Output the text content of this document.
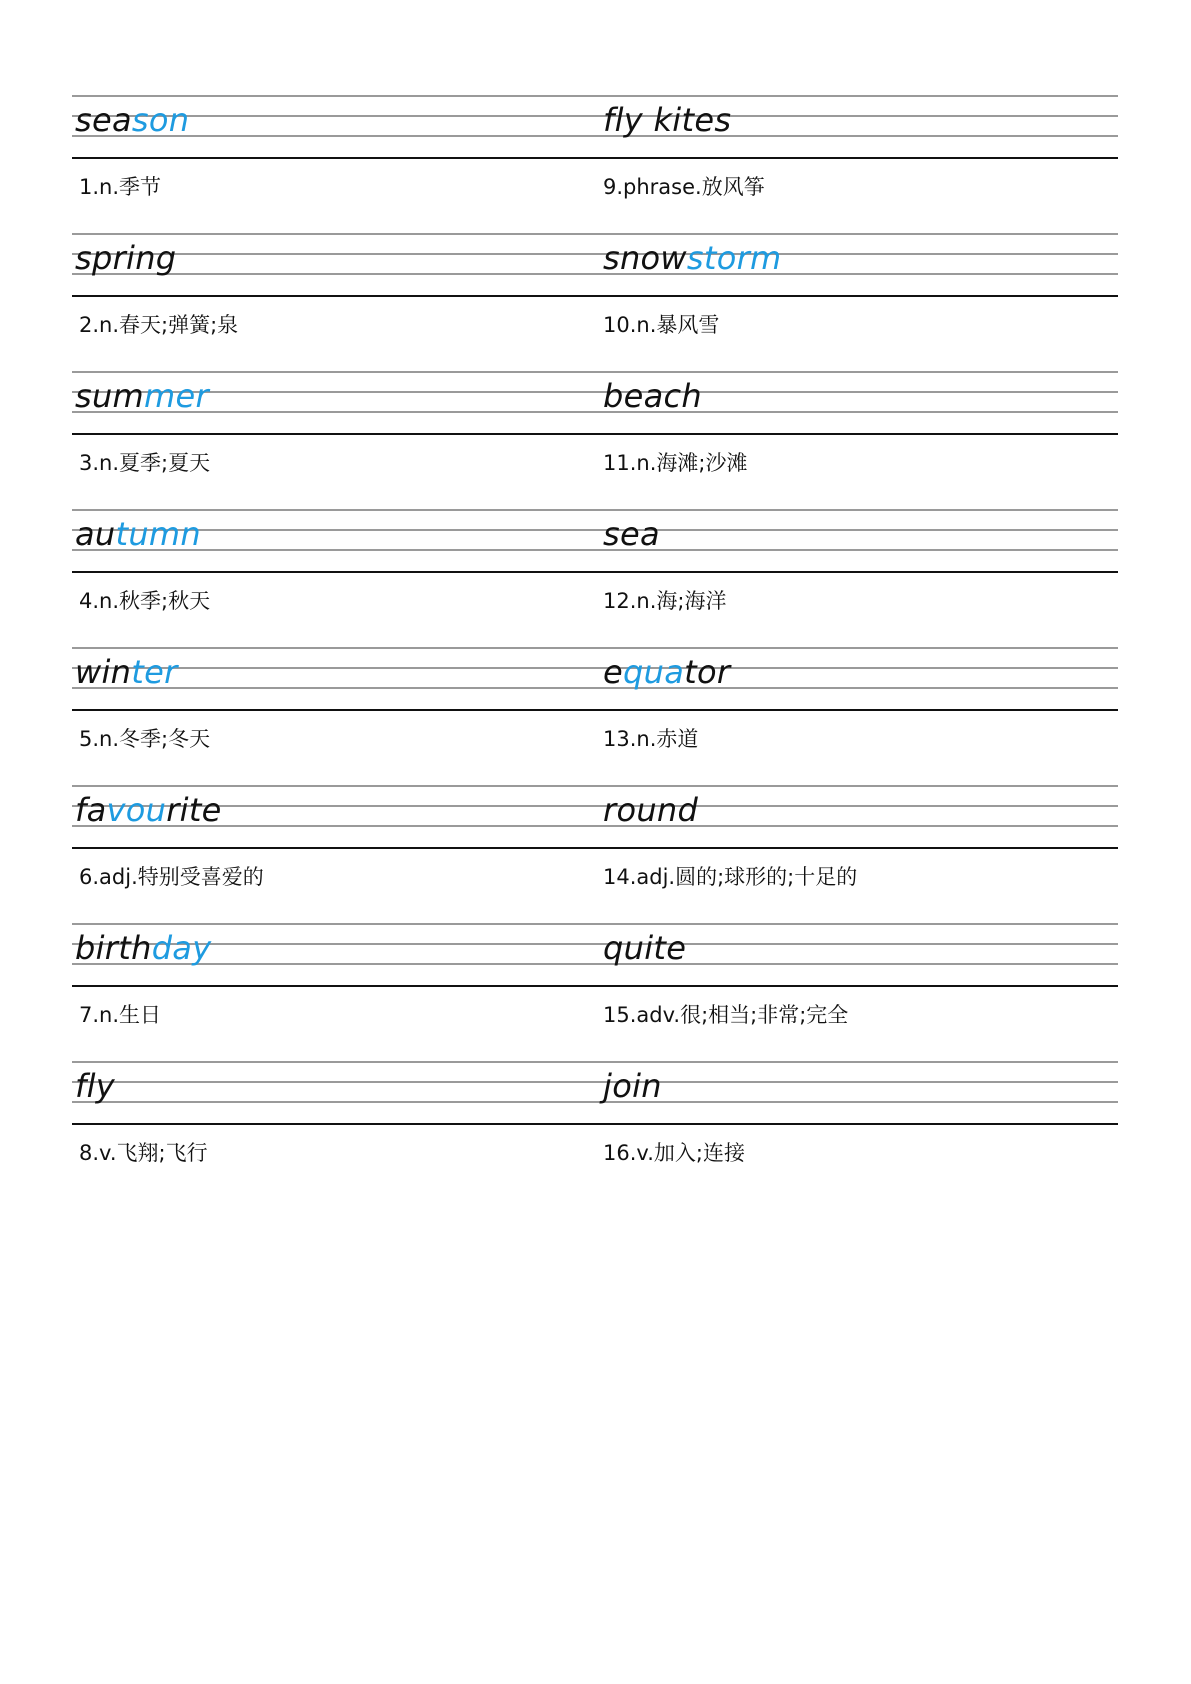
season	fly kites
1.n.季节	9.phrase.放风筝
spring	snowstorm
2.n.春天;弹簧;泉	10.n.暴风雪
summer	beach
3.n.夏季;夏天	11.n.海滩;沙滩
autumn	sea
4.n.秋季;秋天	12.n.海;海洋
winter	equator
5.n.冬季;冬天	13.n.赤道
favourite	round
6.adj.特别受喜爱的	14.adj.圆的;球形的;十足的
birthday	quite
7.n.生日	15.adv.很;相当;非常;完全
fly	join
8.v.飞翔;飞行	16.v.加入;连接
